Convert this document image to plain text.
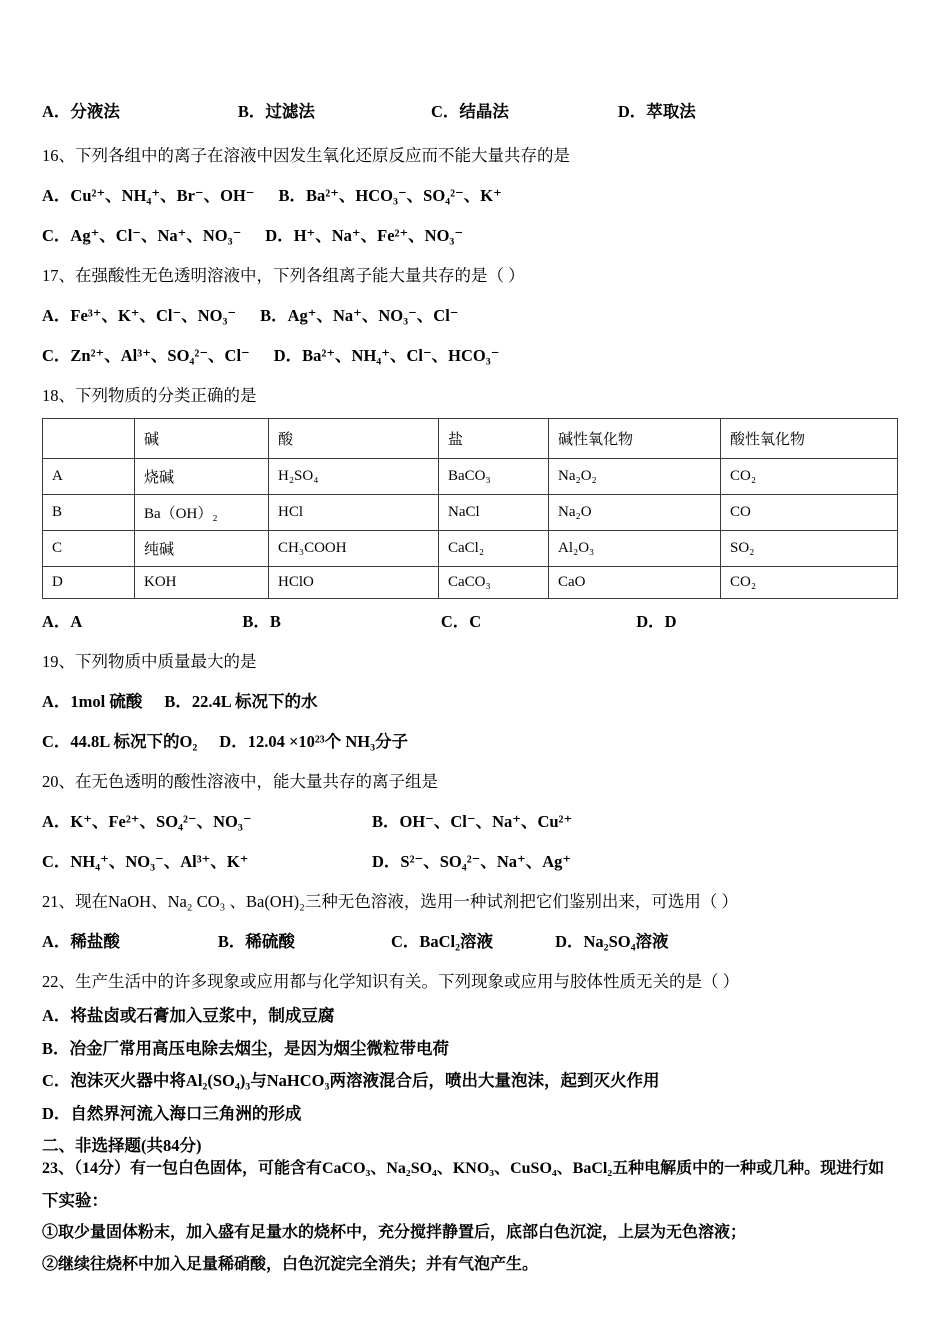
A．分液法	B．过滤法	C．结晶法	D．萃取法
16、下列各组中的离子在溶液中因发生氧化还原反应而不能大量共存的是
A．Cu²⁺、NH₄⁺、Br⁻、OH⁻ B．Ba²⁺、HCO₃⁻、SO₄²⁻、K⁺
C．Ag⁺、Cl⁻、Na⁺、NO₃⁻ D．H⁺、Na⁺、Fe²⁺、NO₃⁻
17、在强酸性无色透明溶液中，下列各组离子能大量共存的是（ ）
A．Fe³⁺、K⁺、Cl⁻、NO₃⁻ B．Ag⁺、Na⁺、NO₃⁻、Cl⁻
C．Zn²⁺、Al³⁺、SO₄²⁻、Cl⁻ D．Ba²⁺、NH₄⁺、Cl⁻、HCO₃⁻
18、下列物质的分类正确的是
	碱	酸	盐	碱性氧化物	酸性氧化物
A	烧碱	H₂SO₄	BaCO₃	Na₂O₂	CO₂
B	Ba（OH）₂	HCl	NaCl	Na₂O	CO
C	纯碱	CH₃COOH	CaCl₂	Al₂O₃	SO₂
D	KOH	HClO	CaCO₃	CaO	CO₂
A．A	B．B	C．C	D．D
19、下列物质中质量最大的是
A．1mol 硫酸 B．22.4L 标况下的水
C．44.8L 标况下的O₂ D．12.04 ×10²³个 NH₃分子
20、在无色透明的酸性溶液中，能大量共存的离子组是
A．K⁺、Fe²⁺、SO₄²⁻、NO₃⁻	B．OH⁻、Cl⁻、Na⁺、Cu²⁺
C．NH₄⁺、NO₃⁻、Al³⁺、K⁺	D．S²⁻、SO₄²⁻、Na⁺、Ag⁺
21、现在NaOH、Na₂ CO₃ 、Ba(OH)₂三种无色溶液，选用一种试剂把它们鉴别出来，可选用（ ）
A．稀盐酸	B．稀硫酸	C．BaCl₂溶液	D．Na₂SO₄溶液
22、生产生活中的许多现象或应用都与化学知识有关。下列现象或应用与胶体性质无关的是（ ）
A．将盐卤或石膏加入豆浆中，制成豆腐
B．冶金厂常用高压电除去烟尘，是因为烟尘微粒带电荷
C．泡沫灭火器中将Al₂(SO₄)₃与NaHCO₃两溶液混合后，喷出大量泡沫，起到灭火作用
D．自然界河流入海口三角洲的形成
二、非选择题(共84分)
23、（14分）有一包白色固体，可能含有CaCO₃、Na₂SO₄、KNO₃、CuSO₄、BaCl₂五种电解质中的一种或几种。现进行如
下实验：
①取少量固体粉末，加入盛有足量水的烧杯中，充分搅拌静置后，底部白色沉淀，上层为无色溶液；
②继续往烧杯中加入足量稀硝酸，白色沉淀完全消失；并有气泡产生。
